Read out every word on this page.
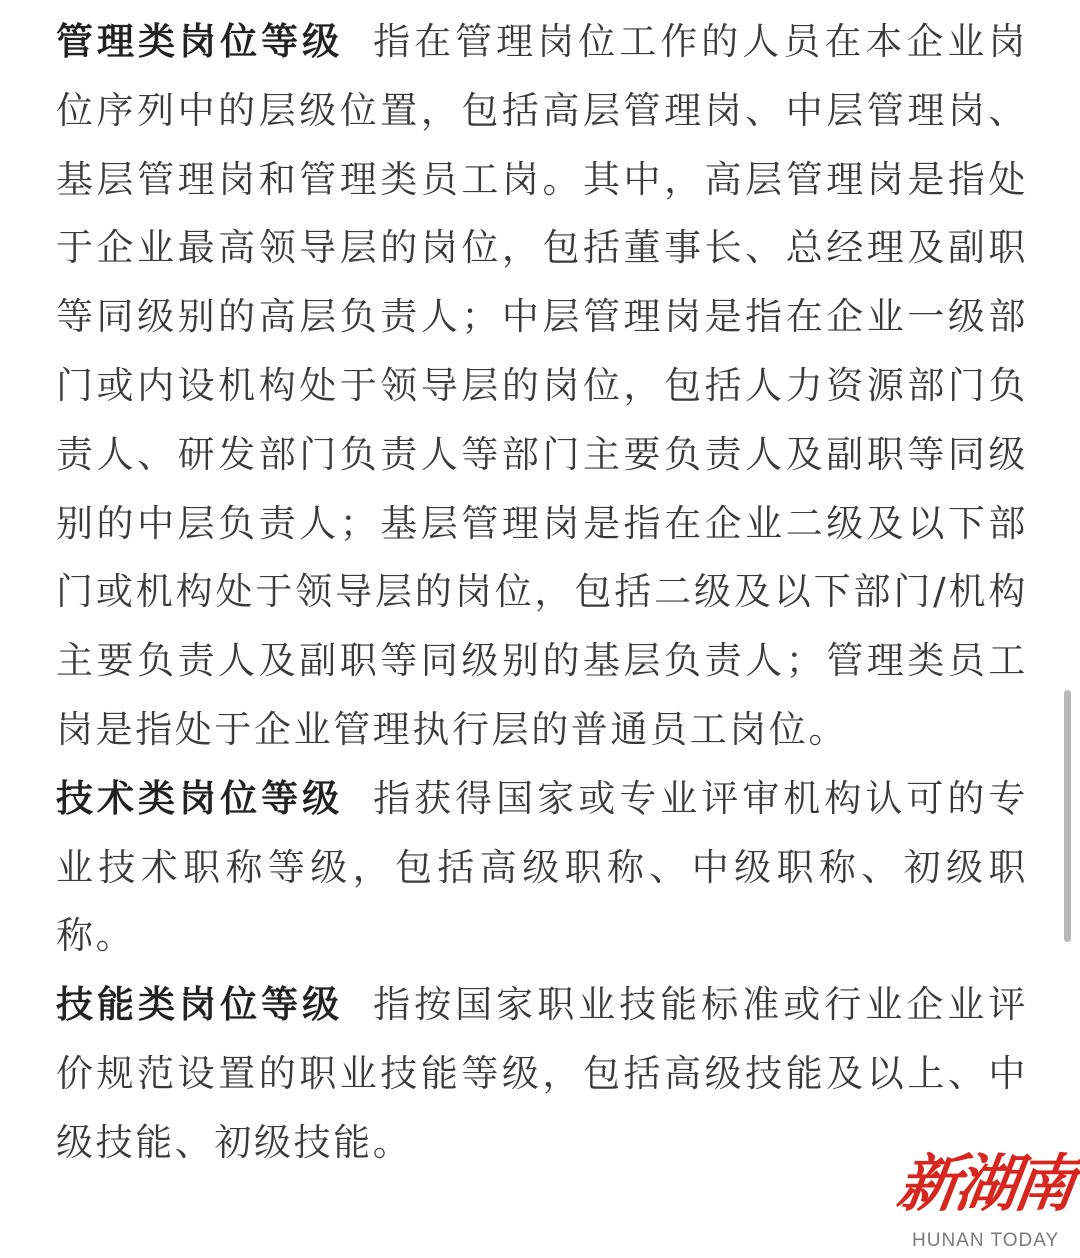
管理类岗位等级 指在管理岗位工作的人员在本企业岗位序列中的层级位置，包括高层管理岗、中层管理岗、基层管理岗和管理类员工岗。其中，高层管理岗是指处于企业最高领导层的岗位，包括董事长、总经理及副职等同级别的高层负责人；中层管理岗是指在企业一级部门或内设机构处于领导层的岗位，包括人力资源部门负责人、研发部门负责人等部门主要负责人及副职等同级别的中层负责人；基层管理岗是指在企业二级及以下部门或机构处于领导层的岗位，包括二级及以下部门/机构主要负责人及副职等同级别的基层负责人；管理类员工岗是指处于企业管理执行层的普通员工岗位。

技术类岗位等级 指获得国家或专业评审机构认可的专业技术职称等级，包括高级职称、中级职称、初级职称。

技能类岗位等级 指按国家职业技能标准或行业企业评价规范设置的职业技能等级，包括高级技能及以上、中级技能、初级技能。

新湖南
HUNAN TODAY
